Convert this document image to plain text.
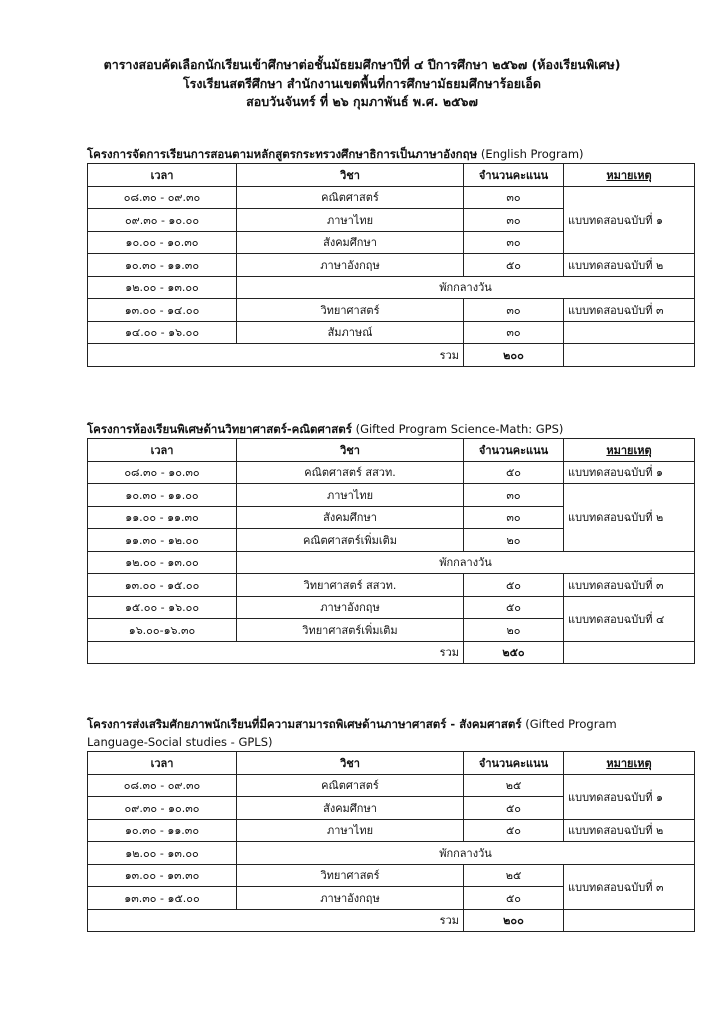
ตารางสอบคัดเลือกนักเรียนเข้าศึกษาต่อชั้นมัธยมศึกษาปีที่ ๔ ปีการศึกษา ๒๕๖๗ (ห้องเรียนพิเศษ)
โรงเรียนสตรีศึกษา สำนักงานเขตพื้นที่การศึกษามัธยมศึกษาร้อยเอ็ด
สอบวันจันทร์ ที่ ๒๖ กุมภาพันธ์ พ.ศ. ๒๕๖๗
โครงการจัดการเรียนการสอนตามหลักสูตรกระทรวงศึกษาธิการเป็นภาษาอังกฤษ (English Program)
เวลา	วิชา	จำนวนคะแนน	หมายเหตุ
๐๘.๓๐ - ๐๙.๓๐	คณิตศาสตร์	๓๐	แบบทดสอบฉบับที่ ๑
๐๙.๓๐ - ๑๐.๐๐	ภาษาไทย	๓๐	
๑๐.๐๐ - ๑๐.๓๐	สังคมศึกษา	๓๐	
๑๐.๓๐ - ๑๑.๓๐	ภาษาอังกฤษ	๕๐	แบบทดสอบฉบับที่ ๒
๑๒.๐๐ - ๑๓.๐๐	พักกลางวัน		
๑๓.๐๐ - ๑๔.๐๐	วิทยาศาสตร์	๓๐	แบบทดสอบฉบับที่ ๓
๑๔.๐๐ - ๑๖.๐๐	สัมภาษณ์	๓๐	
รวม		๒๐๐	
โครงการห้องเรียนพิเศษด้านวิทยาศาสตร์-คณิตศาสตร์ (Gifted Program Science-Math: GPS)
เวลา	วิชา	จำนวนคะแนน	หมายเหตุ
๐๘.๓๐ - ๑๐.๓๐	คณิตศาสตร์ สสวท.	๕๐	แบบทดสอบฉบับที่ ๑
๑๐.๓๐ - ๑๑.๐๐	ภาษาไทย	๓๐	แบบทดสอบฉบับที่ ๒
๑๑.๐๐ - ๑๑.๓๐	สังคมศึกษา	๓๐	
๑๑.๓๐ - ๑๒.๐๐	คณิตศาสตร์เพิ่มเติม	๒๐	
๑๒.๐๐ - ๑๓.๐๐	พักกลางวัน		
๑๓.๐๐ - ๑๕.๐๐	วิทยาศาสตร์ สสวท.	๕๐	แบบทดสอบฉบับที่ ๓
๑๕.๐๐ - ๑๖.๐๐	ภาษาอังกฤษ	๕๐	แบบทดสอบฉบับที่ ๔
๑๖.๐๐-๑๖.๓๐	วิทยาศาสตร์เพิ่มเติม	๒๐	
รวม		๒๕๐	
โครงการส่งเสริมศักยภาพนักเรียนที่มีความสามารถพิเศษด้านภาษาศาสตร์ - สังคมศาสตร์ (Gifted Program
Language-Social studies - GPLS)
เวลา	วิชา	จำนวนคะแนน	หมายเหตุ
๐๘.๓๐ - ๐๙.๓๐	คณิตศาสตร์	๒๕	แบบทดสอบฉบับที่ ๑
๐๙.๓๐ - ๑๐.๓๐	สังคมศึกษา	๕๐	
๑๐.๓๐ - ๑๑.๓๐	ภาษาไทย	๕๐	แบบทดสอบฉบับที่ ๒
๑๒.๐๐ - ๑๓.๐๐	พักกลางวัน		
๑๓.๐๐ - ๑๓.๓๐	วิทยาศาสตร์	๒๕	แบบทดสอบฉบับที่ ๓
๑๓.๓๐ - ๑๕.๐๐	ภาษาอังกฤษ	๕๐	
รวม		๒๐๐	
